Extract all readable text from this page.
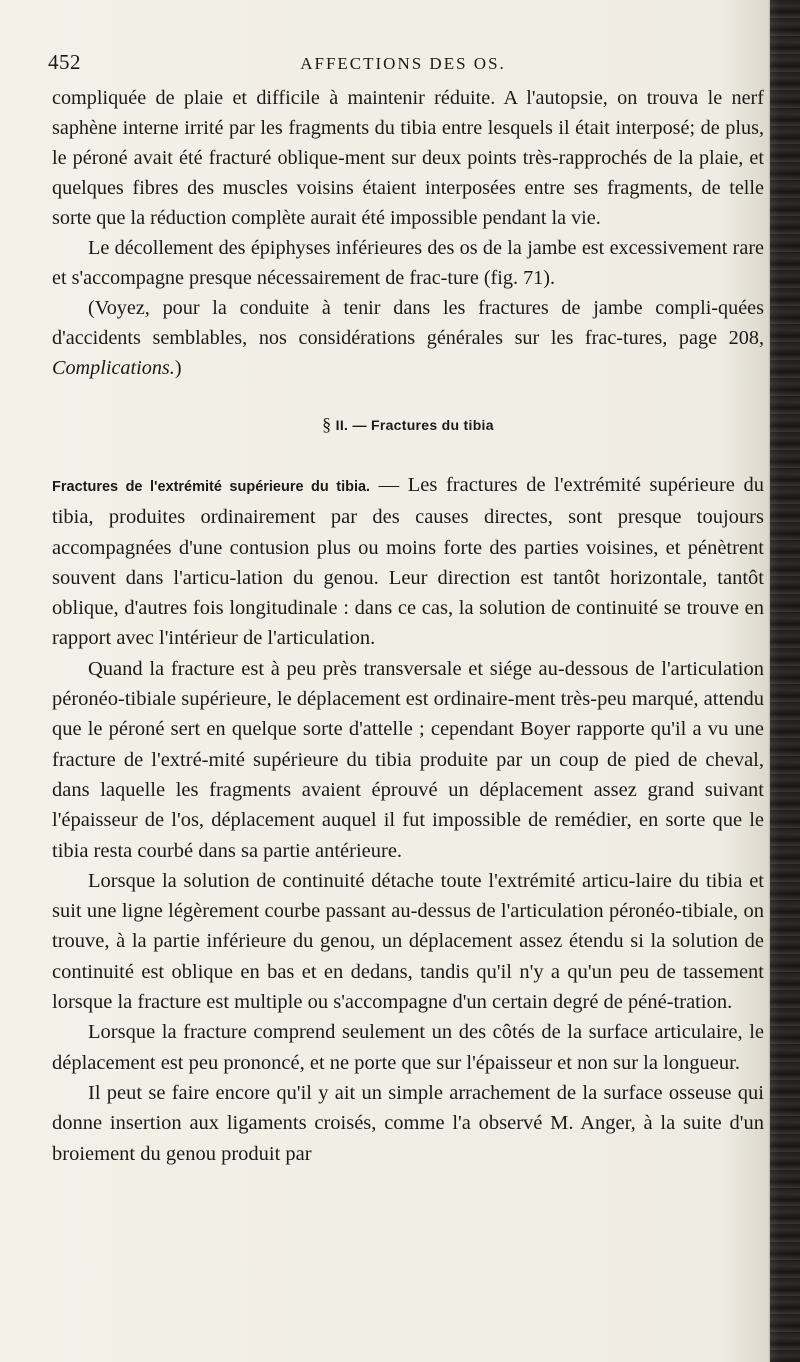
452	AFFECTIONS DES OS.

compliquée de plaie et difficile à maintenir réduite. A l'autopsie, on trouva le nerf saphène interne irrité par les fragments du tibia entre lesquels il était interposé; de plus, le péroné avait été fracturé oblique-ment sur deux points très-rapprochés de la plaie, et quelques fibres des muscles voisins étaient interposées entre ses fragments, de telle sorte que la réduction complète aurait été impossible pendant la vie.

Le décollement des épiphyses inférieures des os de la jambe est excessivement rare et s'accompagne presque nécessairement de frac-ture (fig. 71).

(Voyez, pour la conduite à tenir dans les fractures de jambe compli-quées d'accidents semblables, nos considérations générales sur les frac-tures, page 208, Complications.)

§ II. — Fractures du tibia

Fractures de l'extrémité supérieure du tibia. — Les fractures de l'extrémité supérieure du tibia, produites ordinairement par des causes directes, sont presque toujours accompagnées d'une contusion plus ou moins forte des parties voisines, et pénètrent souvent dans l'articu-lation du genou. Leur direction est tantôt horizontale, tantôt oblique, d'autres fois longitudinale : dans ce cas, la solution de continuité se trouve en rapport avec l'intérieur de l'articulation.

Quand la fracture est à peu près transversale et siége au-dessous de l'articulation péronéo-tibiale supérieure, le déplacement est ordinaire-ment très-peu marqué, attendu que le péroné sert en quelque sorte d'attelle ; cependant Boyer rapporte qu'il a vu une fracture de l'extré-mité supérieure du tibia produite par un coup de pied de cheval, dans laquelle les fragments avaient éprouvé un déplacement assez grand suivant l'épaisseur de l'os, déplacement auquel il fut impossible de remédier, en sorte que le tibia resta courbé dans sa partie antérieure.

Lorsque la solution de continuité détache toute l'extrémité articu-laire du tibia et suit une ligne légèrement courbe passant au-dessus de l'articulation péronéo-tibiale, on trouve, à la partie inférieure du genou, un déplacement assez étendu si la solution de continuité est oblique en bas et en dedans, tandis qu'il n'y a qu'un peu de tassement lorsque la fracture est multiple ou s'accompagne d'un certain degré de péné-tration.

Lorsque la fracture comprend seulement un des côtés de la surface articulaire, le déplacement est peu prononcé, et ne porte que sur l'épaisseur et non sur la longueur.

Il peut se faire encore qu'il y ait un simple arrachement de la surface osseuse qui donne insertion aux ligaments croisés, comme l'a observé M. Anger, à la suite d'un broiement du genou produit par
